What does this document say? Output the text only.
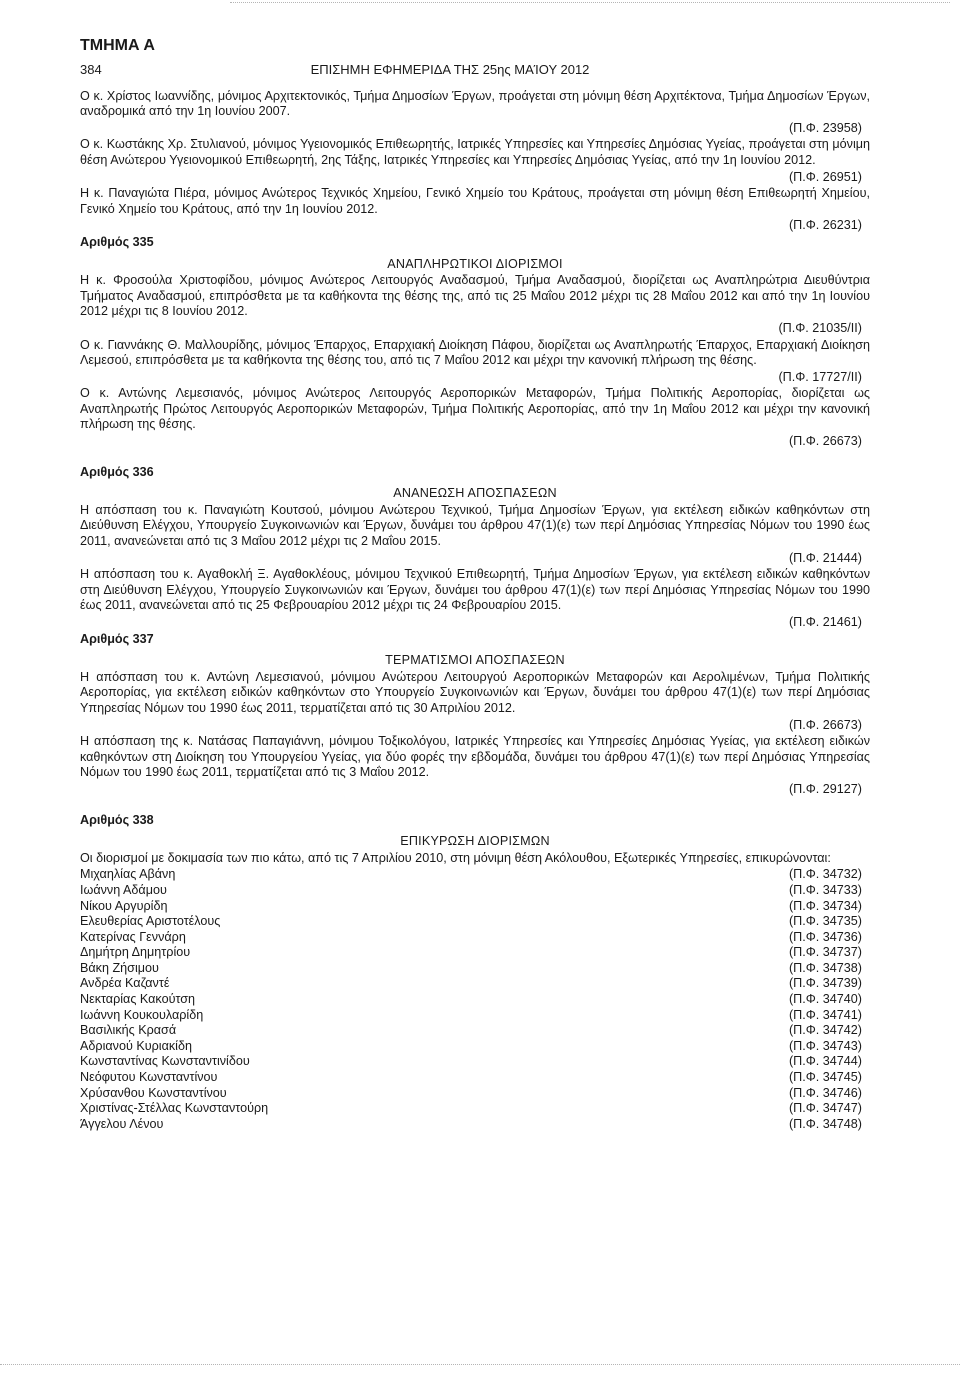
ΤΜΗΜΑ Α
384	ΕΠΙΣΗΜΗ ΕΦΗΜΕΡΙΔΑ ΤΗΣ 25ης ΜΑΊΟΥ 2012

Ο κ. Χρίστος Ιωαννίδης, μόνιμος Αρχιτεκτονικός, Τμήμα Δημοσίων Έργων, προάγεται στη μόνιμη θέση Αρχιτέκτονα, Τμήμα Δημοσίων Έργων, αναδρομικά από την 1η Ιουνίου 2007.

(Π.Φ. 23958)

Ο κ. Κωστάκης Χρ. Στυλιανού, μόνιμος Υγειονομικός Επιθεωρητής, Ιατρικές Υπηρεσίες και Υπηρεσίες Δημόσιας Υγείας, προάγεται στη μόνιμη θέση Ανώτερου Υγειονομικού Επιθεωρητή, 2ης Τάξης, Ιατρικές Υπηρεσίες και Υπηρεσίες Δημόσιας Υγείας, από την 1η Ιουνίου 2012.

(Π.Φ. 26951)

Η κ. Παναγιώτα Πιέρα, μόνιμος Ανώτερος Τεχνικός Χημείου, Γενικό Χημείο του Κράτους, προάγεται στη μόνιμη θέση Επιθεωρητή Χημείου, Γενικό Χημείο του Κράτους, από την 1η Ιουνίου 2012.

(Π.Φ. 26231)
Αριθμός 335
ΑΝΑΠΛΗΡΩΤΙΚΟΙ ΔΙΟΡΙΣΜΟΙ

Η κ. Φροσούλα Χριστοφίδου, μόνιμος Ανώτερος Λειτουργός Αναδασμού, Τμήμα Αναδασμού, διορίζεται ως Αναπληρώτρια Διευθύντρια Τμήματος Αναδασμού, επιπρόσθετα με τα καθήκοντα της θέσης της, από τις 25 Μαΐου 2012 μέχρι τις 28 Μαΐου 2012 και από την 1η Ιουνίου 2012 μέχρι τις 8 Ιουνίου 2012.

(Π.Φ. 21035/ΙΙ)

Ο κ. Γιαννάκης Θ. Μαλλουρίδης, μόνιμος Έπαρχος, Επαρχιακή Διοίκηση Πάφου, διορίζεται ως Αναπληρωτής Έπαρχος, Επαρχιακή Διοίκηση Λεμεσού, επιπρόσθετα με τα καθήκοντα της θέσης του, από τις 7 Μαΐου 2012 και μέχρι την κανονική πλήρωση της θέσης.

(Π.Φ. 17727/ΙΙ)

Ο κ. Αντώνης Λεμεσιανός, μόνιμος Ανώτερος Λειτουργός Αεροπορικών Μεταφορών, Τμήμα Πολιτικής Αεροπορίας, διορίζεται ως Αναπληρωτής Πρώτος Λειτουργός Αεροπορικών Μεταφορών, Τμήμα Πολιτικής Αεροπορίας, από την 1η Μαΐου 2012 και μέχρι την κανονική πλήρωση της θέσης.

(Π.Φ. 26673)
Αριθμός 336
ΑΝΑΝΕΩΣΗ ΑΠΟΣΠΑΣΕΩΝ

Η απόσπαση του κ. Παναγιώτη Κουτσού, μόνιμου Ανώτερου Τεχνικού, Τμήμα Δημοσίων Έργων, για εκτέλεση ειδικών καθηκόντων στη Διεύθυνση Ελέγχου, Υπουργείο Συγκοινωνιών και Έργων, δυνάμει του άρθρου 47(1)(ε) των περί Δημόσιας Υπηρεσίας Νόμων του 1990 έως 2011, ανανεώνεται από τις 3 Μαΐου 2012 μέχρι τις 2 Μαΐου 2015.

(Π.Φ. 21444)

Η απόσπαση του κ. Αγαθοκλή Ξ. Αγαθοκλέους, μόνιμου Τεχνικού Επιθεωρητή, Τμήμα Δημοσίων Έργων, για εκτέλεση ειδικών καθηκόντων στη Διεύθυνση Ελέγχου, Υπουργείο Συγκοινωνιών και Έργων, δυνάμει του άρθρου 47(1)(ε) των περί Δημόσιας Υπηρεσίας Νόμων του 1990 έως 2011, ανανεώνεται από τις 25 Φεβρουαρίου 2012 μέχρι τις 24 Φεβρουαρίου 2015.

(Π.Φ. 21461)
Αριθμός 337
ΤΕΡΜΑΤΙΣΜΟΙ ΑΠΟΣΠΑΣΕΩΝ

Η απόσπαση του κ. Αντώνη Λεμεσιανού, μόνιμου Ανώτερου Λειτουργού Αεροπορικών Μεταφορών και Αερολιμένων, Τμήμα Πολιτικής Αεροπορίας, για εκτέλεση ειδικών καθηκόντων στο Υπουργείο Συγκοινωνιών και Έργων, δυνάμει του άρθρου 47(1)(ε) των περί Δημόσιας Υπηρεσίας Νόμων του 1990 έως 2011, τερματίζεται από τις 30 Απριλίου 2012.

(Π.Φ. 26673)

Η απόσπαση της κ. Νατάσας Παπαγιάννη, μόνιμου Τοξικολόγου, Ιατρικές Υπηρεσίες και Υπηρεσίες Δημόσιας Υγείας, για εκτέλεση ειδικών καθηκόντων στη Διοίκηση του Υπουργείου Υγείας, για δύο φορές την εβδομάδα, δυνάμει του άρθρου 47(1)(ε) των περί Δημόσιας Υπηρεσίας Νόμων του 1990 έως 2011, τερματίζεται από τις 3 Μαΐου 2012.

(Π.Φ. 29127)
Αριθμός 338
ΕΠΙΚΥΡΩΣΗ ΔΙΟΡΙΣΜΩΝ

Οι διορισμοί με δοκιμασία των πιο κάτω, από τις 7 Απριλίου 2010, στη μόνιμη θέση Ακόλουθου, Εξωτερικές Υπηρεσίες, επικυρώνονται:

Μιχαηλίας Αβάνη	(Π.Φ. 34732)
Ιωάννη Αδάμου	(Π.Φ. 34733)
Νίκου Αργυρίδη	(Π.Φ. 34734)
Ελευθερίας Αριστοτέλους	(Π.Φ. 34735)
Κατερίνας Γεννάρη	(Π.Φ. 34736)
Δημήτρη Δημητρίου	(Π.Φ. 34737)
Βάκη Ζήσιμου	(Π.Φ. 34738)
Ανδρέα Καζαντέ	(Π.Φ. 34739)
Νεκταρίας Κακούτση	(Π.Φ. 34740)
Ιωάννη Κουκουλαρίδη	(Π.Φ. 34741)
Βασιλικής Κρασά	(Π.Φ. 34742)
Αδριανού Κυριακίδη	(Π.Φ. 34743)
Κωνσταντίνας Κωνσταντινίδου	(Π.Φ. 34744)
Νεόφυτου Κωνσταντίνου	(Π.Φ. 34745)
Χρύσανθου Κωνσταντίνου	(Π.Φ. 34746)
Χριστίνας-Στέλλας Κωνσταντούρη	(Π.Φ. 34747)
Άγγελου Λένου	(Π.Φ. 34748)
